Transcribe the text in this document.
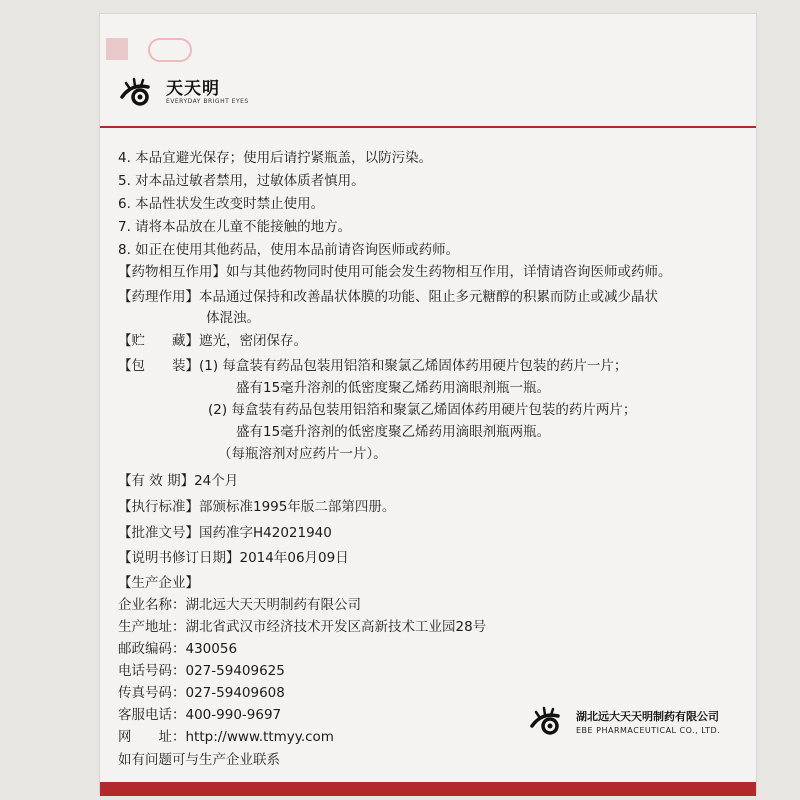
天天明
EVERYDAY BRIGHT EYES
4. 本品宜避光保存；使用后请拧紧瓶盖，以防污染。
5. 对本品过敏者禁用，过敏体质者慎用。
6. 本品性状发生改变时禁止使用。
7. 请将本品放在儿童不能接触的地方。
8. 如正在使用其他药品，使用本品前请咨询医师或药师。
【药物相互作用】如与其他药物同时使用可能会发生药物相互作用，详情请咨询医师或药师。
【药理作用】本品通过保持和改善晶状体膜的功能、阻止多元糖醇的积累而防止或减少晶状
体混浊。
【贮　　藏】遮光，密闭保存。
【包　　装】(1) 每盒装有药品包装用铝箔和聚氯乙烯固体药用硬片包装的药片一片；
盛有15毫升溶剂的低密度聚乙烯药用滴眼剂瓶一瓶。
(2) 每盒装有药品包装用铝箔和聚氯乙烯固体药用硬片包装的药片两片；
盛有15毫升溶剂的低密度聚乙烯药用滴眼剂瓶两瓶。
（每瓶溶剂对应药片一片）。
【有 效 期】24个月
【执行标准】部颁标准1995年版二部第四册。
【批准文号】国药准字H42021940
【说明书修订日期】2014年06月09日
【生产企业】
企业名称：湖北远大天天明制药有限公司
生产地址：湖北省武汉市经济技术开发区高新技术工业园28号
邮政编码：430056
电话号码：027-59409625
传真号码：027-59409608
客服电话：400-990-9697
网　　址：http://www.ttmyy.com
如有问题可与生产企业联系
湖北远大天天明制药有限公司
EBE PHARMACEUTICAL CO., LTD.
